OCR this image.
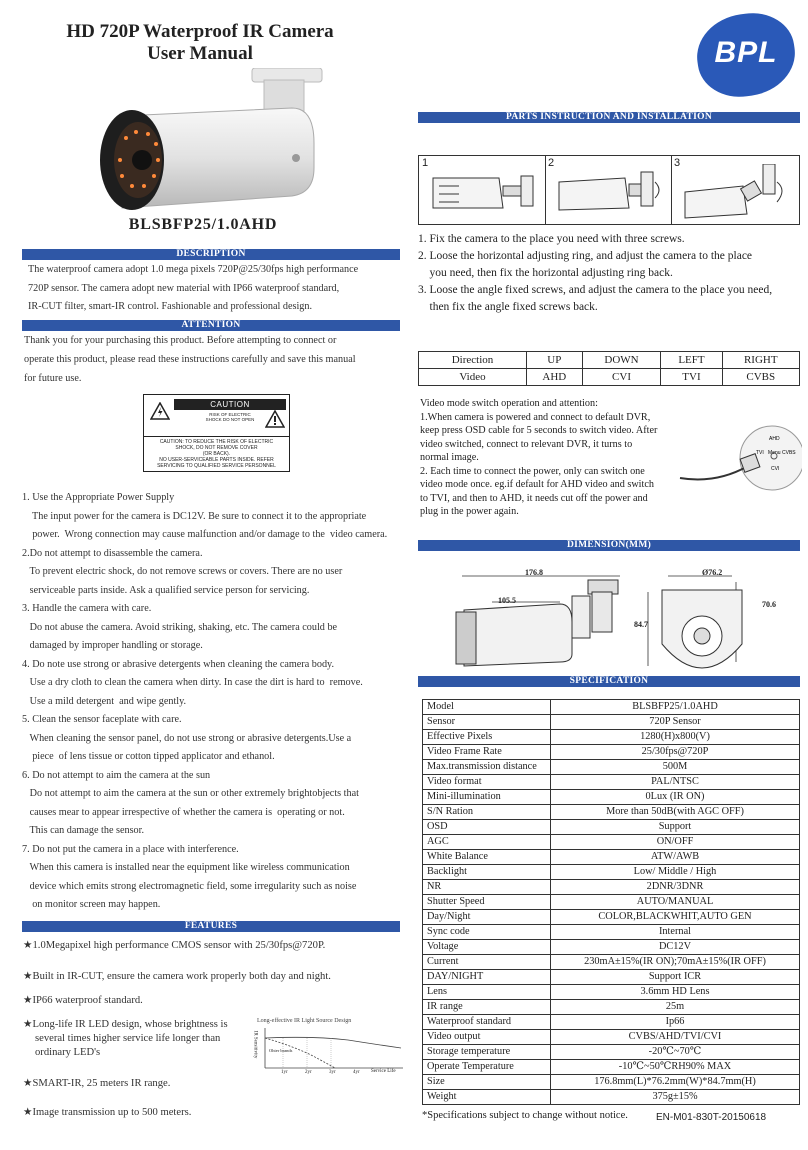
HD 720P Waterproof IR Camera
User Manual	BPL
BLSBFP25/1.0AHD
DESCRIPTION
The waterproof camera adopt 1.0 mega pixels 720P@25/30fps high performance
720P sensor. The camera adopt new material with IP66 waterproof standard,
IR-CUT filter, smart-IR control. Fashionable and professional design.
ATTENTION
Thank you for your purchasing this product. Before attempting to connect or
operate this product, please read these instructions carefully and save this manual
for future use.
CAUTION
RISK OF ELECTRIC
SHOCK DO NOT OPEN
CAUTION: TO REDUCE THE RISK OF ELECTRIC
SHOCK, DO NOT REMOVE COVER
(OR BACK).
NO USER-SERVICEABLE PARTS INSIDE. REFER
SERVICING TO QUALIFIED SERVICE PERSONNEL
1. Use the Appropriate Power Supply
The input power for the camera is DC12V. Be sure to connect it to the appropriate
power.  Wrong connection may cause malfunction and/or damage to the  video camera.
2.Do not attempt to disassemble the camera.
To prevent electric shock, do not remove screws or covers. There are no user
serviceable parts inside. Ask a qualified service person for servicing.
3. Handle the camera with care.
Do not abuse the camera. Avoid striking, shaking, etc. The camera could be
damaged by improper handling or storage.
4. Do note use strong or abrasive detergents when cleaning the camera body.
Use a dry cloth to clean the camera when dirty. In case the dirt is hard to  remove.
Use a mild detergent  and wipe gently.
5. Clean the sensor faceplate with care.
When cleaning the sensor panel, do not use strong or abrasive detergents.Use a
piece  of lens tissue or cotton tipped applicator and ethanol.
6. Do not attempt to aim the camera at the sun
Do not attempt to aim the camera at the sun or other extremely brightobjects that
causes mear to appear irrespective of whether the camera is  operating or not.
This can damage the sensor.
7. Do not put the camera in a place with interference.
When this camera is installed near the equipment like wireless communication
device which emits strong electromagnetic field, some irregularity such as noise
on monitor screen may happen.
FEATURES
★1.0Megapixel high performance CMOS sensor with 25/30fps@720P.
★Built in IR-CUT, ensure the camera work properly both day and night.
★IP66 waterproof standard.
★Long-life IR LED design, whose brightness is
several times higher service life longer than
ordinary LED's
★SMART-IR, 25 meters IR range.
★Image transmission up to 500 meters.
Long-effective IR Light Source Design
IR Sensitivity	Ohter brands
1yr	2yr	3yr	4yr Service Life
PARTS INSTRUCTION AND INSTALLATION
1	2	3
1. Fix the camera to the place you need with three screws.
2. Loose the horizontal adjusting ring, and adjust the camera to the place
you need, then fix the horizontal adjusting ring back.
3. Loose the angle fixed screws, and adjust the camera to the place you need,
then fix the angle fixed screws back.
Direction	UP	DOWN	LEFT	RIGHT
Video	AHD	CVI	TVI	CVBS
Video mode switch operation and attention:
1.When camera is powered and connect to default DVR,
keep press OSD cable for 5 seconds to switch video. After
video switched, connect to relevant DVR, it turns to
normal image.
2. Each time to connect the power, only can switch one
video mode once. eg.if default for AHD video and switch
to TVI, and then to AHD, it needs cut off the power and
plug in the power again.
AHD
TVI Menu CVBS
CVI
DIMENSION(MM)
176.8
105.5
84.7
Ø76.2
70.6
SPECIFICATION
Model	BLSBFP25/1.0AHD
Sensor	720P Sensor
Effective Pixels	1280(H)x800(V)
Video Frame Rate	25/30fps@720P
Max.transmission distance	500M
Video format	PAL/NTSC
Mini-illumination	0Lux (IR ON)
S/N Ration	More than 50dB(with AGC OFF)
OSD	Support
AGC	ON/OFF
White Balance	ATW/AWB
Backlight	Low/ Middle / High
NR	2DNR/3DNR
Shutter Speed	AUTO/MANUAL
Day/Night	COLOR,BLACKWHIT,AUTO GEN
Sync code	Internal
Voltage	DC12V
Current	230mA±15%(IR ON);70mA±15%(IR OFF)
DAY/NIGHT	Support ICR
Lens	3.6mm HD Lens
IR range	25m
Waterproof standard	Ip66
Video output	CVBS/AHD/TVI/CVI
Storage temperature	-20℃~70℃
Operate Temperature	-10℃~50℃RH90% MAX
Size	176.8mm(L)*76.2mm(W)*84.7mm(H)
Weight	375g±15%
*Specifications subject to change without notice.	EN-M01-830T-20150618
